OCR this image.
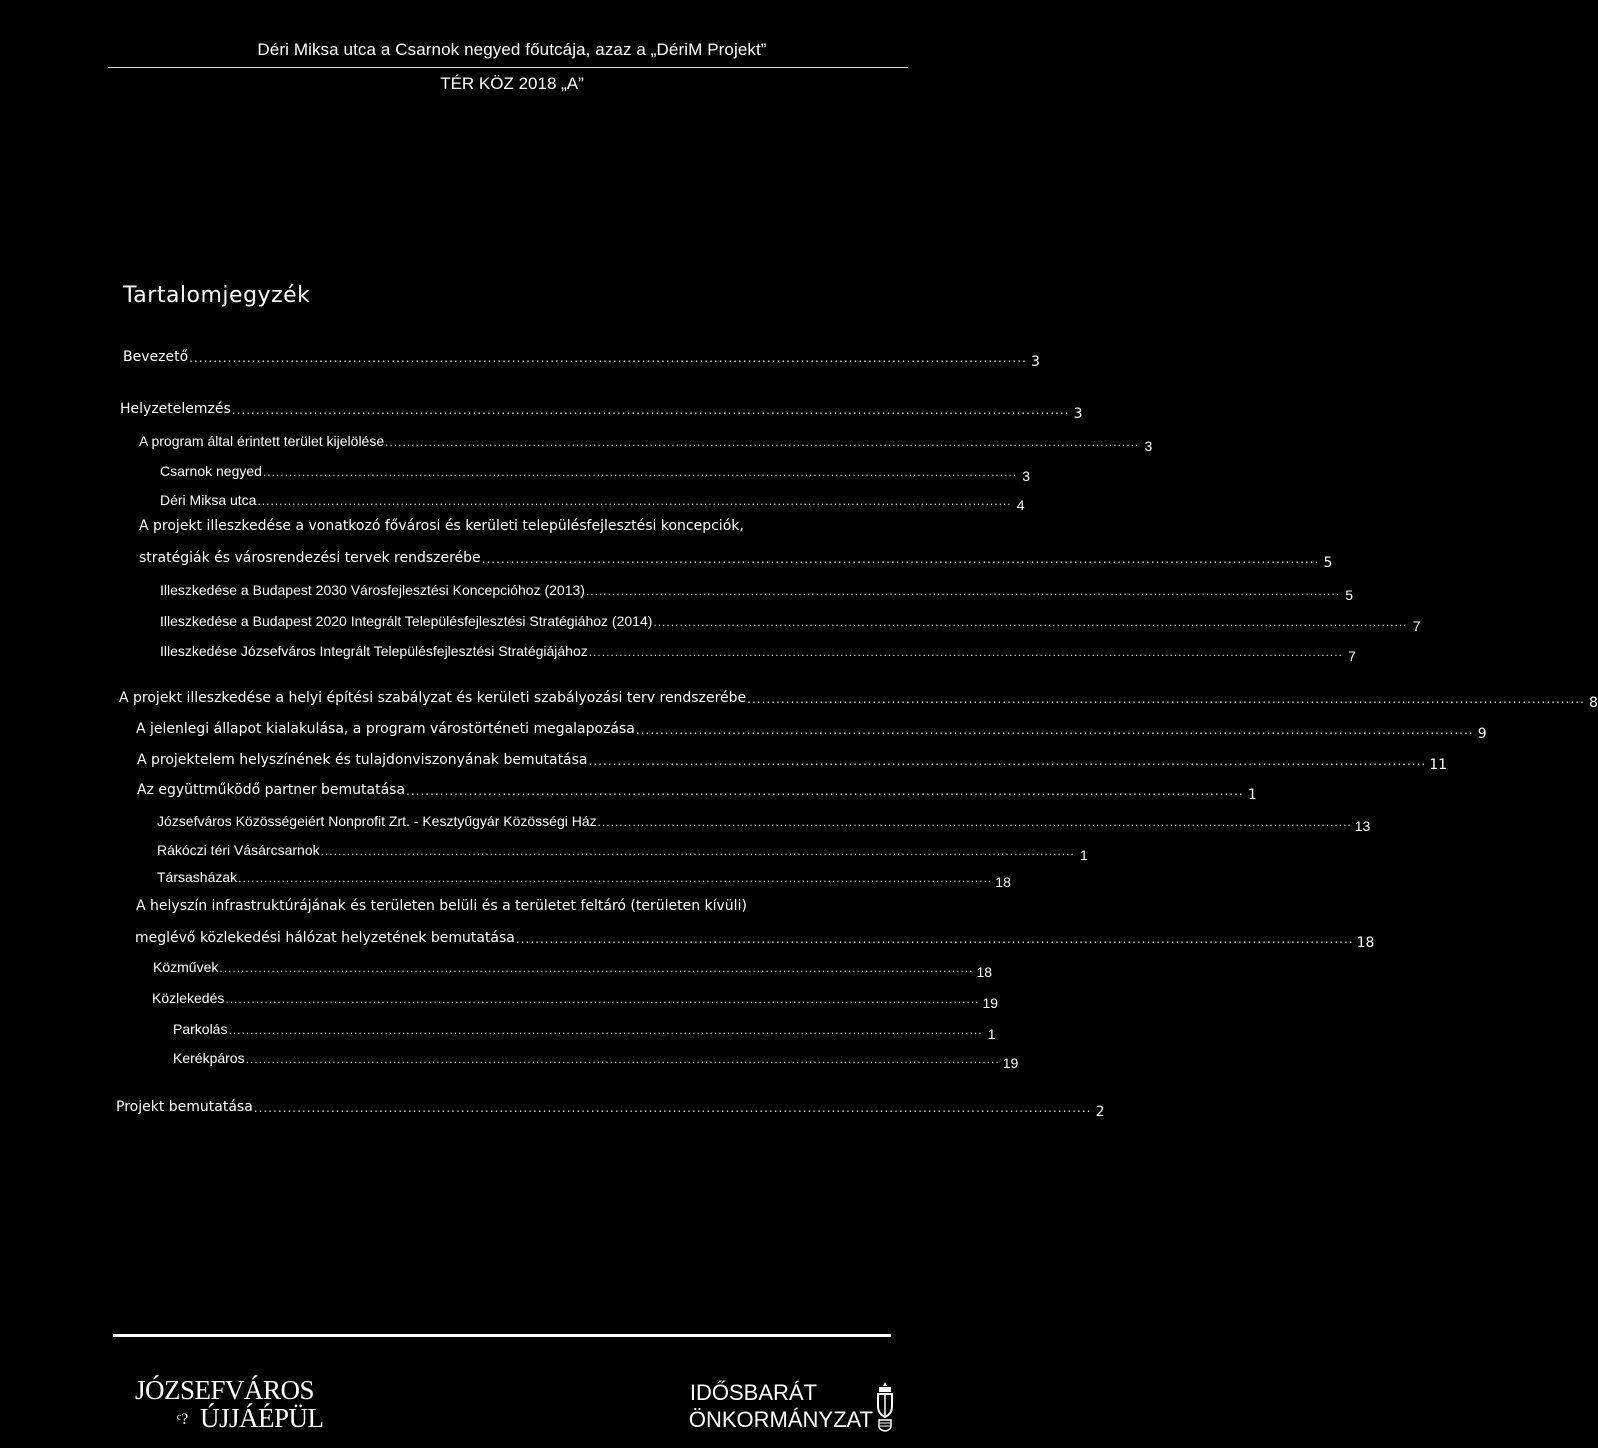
Déri Miksa utca a Csarnok negyed főutcája, azaz a „DériM Projekt”
TÉR KÖZ 2018 „A”
Tartalomjegyzék
Bevezető .............................................................................................................................................................................. 3
Helyzetelemzés .............................................................................................................................................................................. 3
A program által érintett terület kijelölése .............................................................................................................................................................................. 3
Csarnok negyed .............................................................................................................................................................................. 3
Déri Miksa utca .............................................................................................................................................................................. 4
A projekt illeszkedése a vonatkozó fővárosi és kerületi településfejlesztési koncepciók,
stratégiák és városrendezési tervek rendszerébe .............................................................................................................................................................................. 5
Illeszkedése a Budapest 2030 Városfejlesztési Koncepcióhoz (2013) .............................................................................................................................................................................. 5
Illeszkedése a Budapest 2020 Integrált Településfejlesztési Stratégiához (2014) .............................................................................................................................................................................. 7
Illeszkedése Józsefváros Integrált Településfejlesztési Stratégiájához .............................................................................................................................................................................. 7
A projekt illeszkedése a helyi építési szabályzat és kerületi szabályozási terv rendszerébe .............................................................................................................................................................................. 8
A jelenlegi állapot kialakulása, a program várostörténeti megalapozása .............................................................................................................................................................................. 9
A projektelem helyszínének és tulajdonviszonyának bemutatása .............................................................................................................................................................................. 11
Az együttműködő partner bemutatása .............................................................................................................................................................................. 1
Józsefváros Közösségeiért Nonprofit Zrt. - Kesztyűgyár Közösségi Ház .............................................................................................................................................................................. 13
Rákóczi téri Vásárcsarnok .............................................................................................................................................................................. 1
Társasházak .............................................................................................................................................................................. 18
A helyszín infrastruktúrájának és területen belüli és a területet feltáró (területen kívüli)
meglévő közlekedési hálózat helyzetének bemutatása .............................................................................................................................................................................. 18
Közművek .............................................................................................................................................................................. 18
Közlekedés .............................................................................................................................................................................. 19
Parkolás .............................................................................................................................................................................. 1
Kerékpáros .............................................................................................................................................................................. 19
Projekt bemutatása .............................................................................................................................................................................. 2
JÓZSEFVÁROS
ᶜ? ÚJJÁÉPÜL
IDŐSBARÁT
ÖNKORMÁNYZAT
